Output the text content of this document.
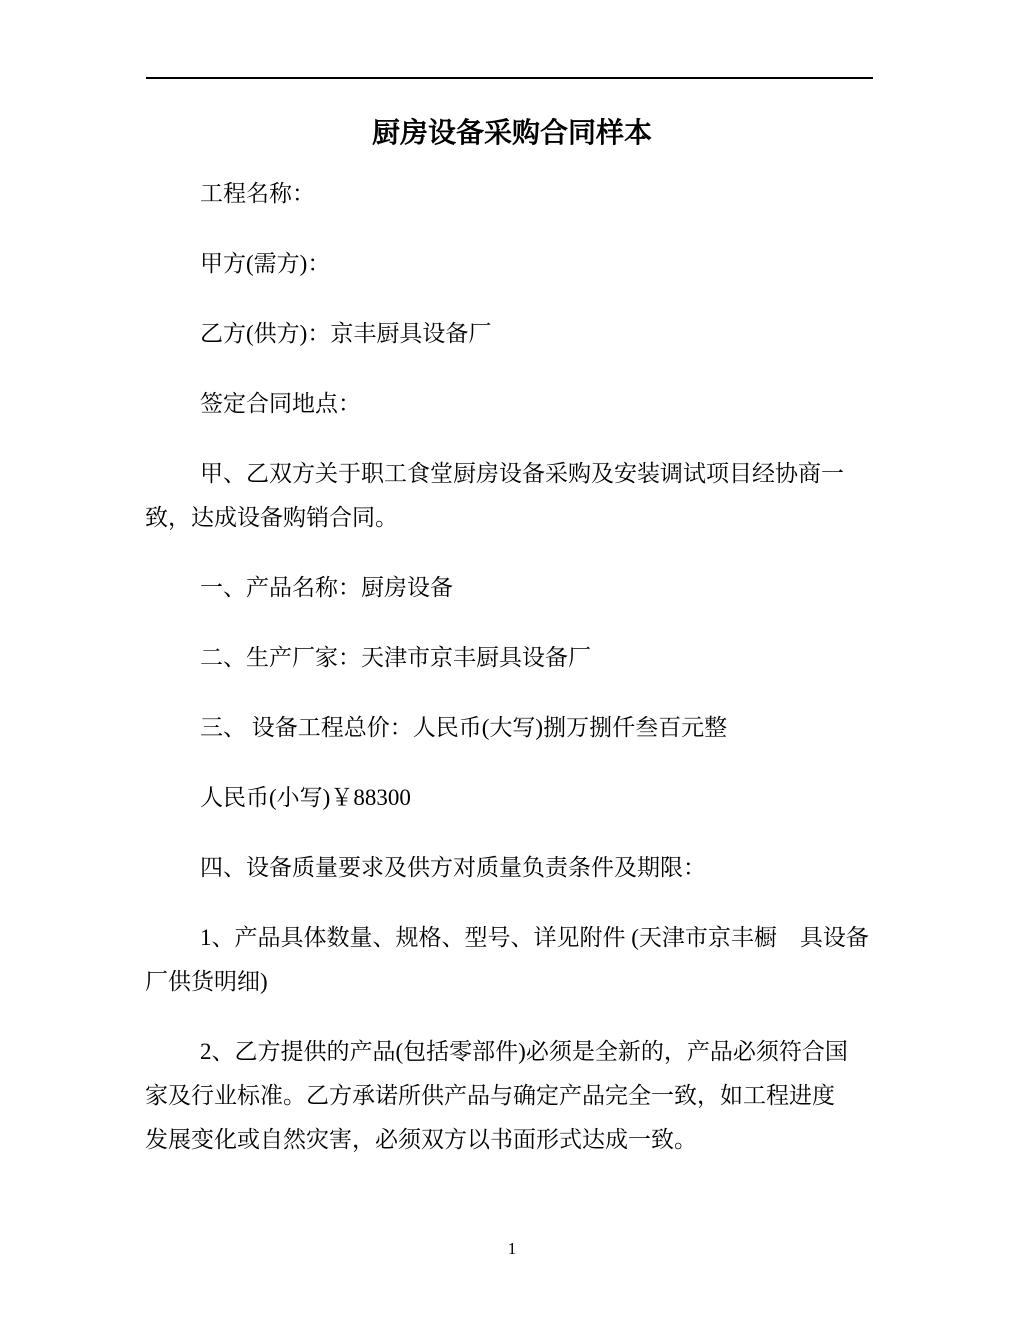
厨房设备采购合同样本
工程名称：
甲方(需方)：
乙方(供方)：京丰厨具设备厂
签定合同地点：
甲、乙双方关于职工食堂厨房设备采购及安装调试项目经协商一
致，达成设备购销合同。
一、产品名称：厨房设备
二、生产厂家：天津市京丰厨具设备厂
三、 设备工程总价：人民币(大写)捌万捌仟叁百元整
人民币(小写)￥88300
四、设备质量要求及供方对质量负责条件及期限：
1、产品具体数量、规格、型号、详见附件 (天津市京丰橱　具设备
厂供货明细)
2、乙方提供的产品(包括零部件)必须是全新的，产品必须符合国
家及行业标准。乙方承诺所供产品与确定产品完全一致，如工程进度
发展变化或自然灾害，必须双方以书面形式达成一致。
1
